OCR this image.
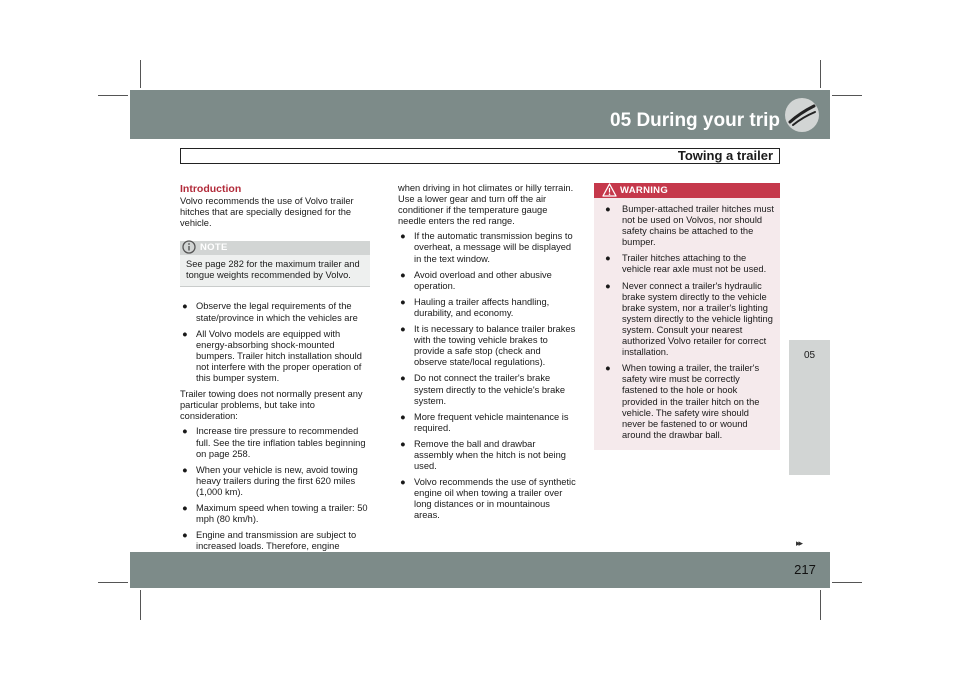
05 During your trip
Towing a trailer
05
Introduction

Volvo recommends the use of Volvo trailer hitches that are specially designed for the vehicle.

NOTE
See page 282 for the maximum trailer and tongue weights recommended by Volvo.
● Observe the legal requirements of the state/province in which the vehicles are
● All Volvo models are equipped with energy-absorbing shock-mounted bumpers. Trailer hitch installation should not interfere with the proper operation of this bumper system.

Trailer towing does not normally present any particular problems, but take into consideration:

● Increase tire pressure to recommended full. See the tire inflation tables beginning on page 258.
● When your vehicle is new, avoid towing heavy trailers during the first 620 miles (1,000 km).
● Maximum speed when towing a trailer: 50 mph (80 km/h).
● Engine and transmission are subject to increased loads. Therefore, engine

when driving in hot climates or hilly terrain. Use a lower gear and turn off the air conditioner if the temperature gauge needle enters the red range.

● If the automatic transmission begins to overheat, a message will be displayed in the text window.
● Avoid overload and other abusive operation.
● Hauling a trailer affects handling, durability, and economy.
● It is necessary to balance trailer brakes with the towing vehicle brakes to provide a safe stop (check and observe state/local regulations).
● Do not connect the trailer's brake system directly to the vehicle's brake system.
● More frequent vehicle maintenance is required.
● Remove the ball and drawbar assembly when the hitch is not being used.
● Volvo recommends the use of synthetic engine oil when towing a trailer over long distances or in mountainous areas.
WARNING
● Bumper-attached trailer hitches must not be used on Volvos, nor should safety chains be attached to the bumper.
● Trailer hitches attaching to the vehicle rear axle must not be used.
● Never connect a trailer's hydraulic brake system directly to the vehicle brake system, nor a trailer's lighting system directly to the vehicle lighting system. Consult your nearest authorized Volvo retailer for correct installation.
● When towing a trailer, the trailer's safety wire must be correctly fastened to the hole or hook provided in the trailer hitch on the vehicle. The safety wire should never be fastened to or wound around the drawbar ball.
▸▸
217
